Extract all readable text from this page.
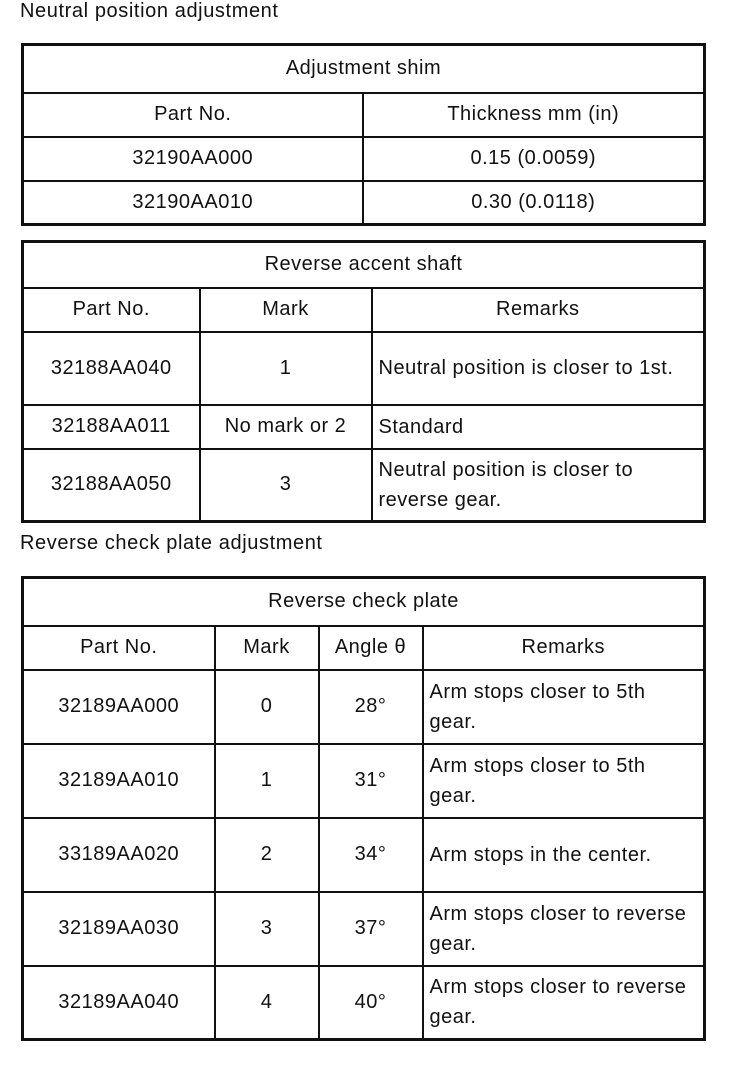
Neutral position adjustment
Adjustment shim	
Part No.	Thickness mm (in)
32190AA000	0.15 (0.0059)
32190AA010	0.30 (0.0118)
Reverse accent shaft		
Part No.	Mark	Remarks
32188AA040	1	Neutral position is closer to 1st.
32188AA011	No mark or 2	Standard
32188AA050	3	Neutral position is closer to reverse gear.
Reverse check plate adjustment
Reverse check plate			
Part No.	Mark	Angle θ	Remarks
32189AA000	0	28°	Arm stops closer to 5th gear.
32189AA010	1	31°	Arm stops closer to 5th gear.
33189AA020	2	34°	Arm stops in the center.
32189AA030	3	37°	Arm stops closer to reverse gear.
32189AA040	4	40°	Arm stops closer to reverse gear.
